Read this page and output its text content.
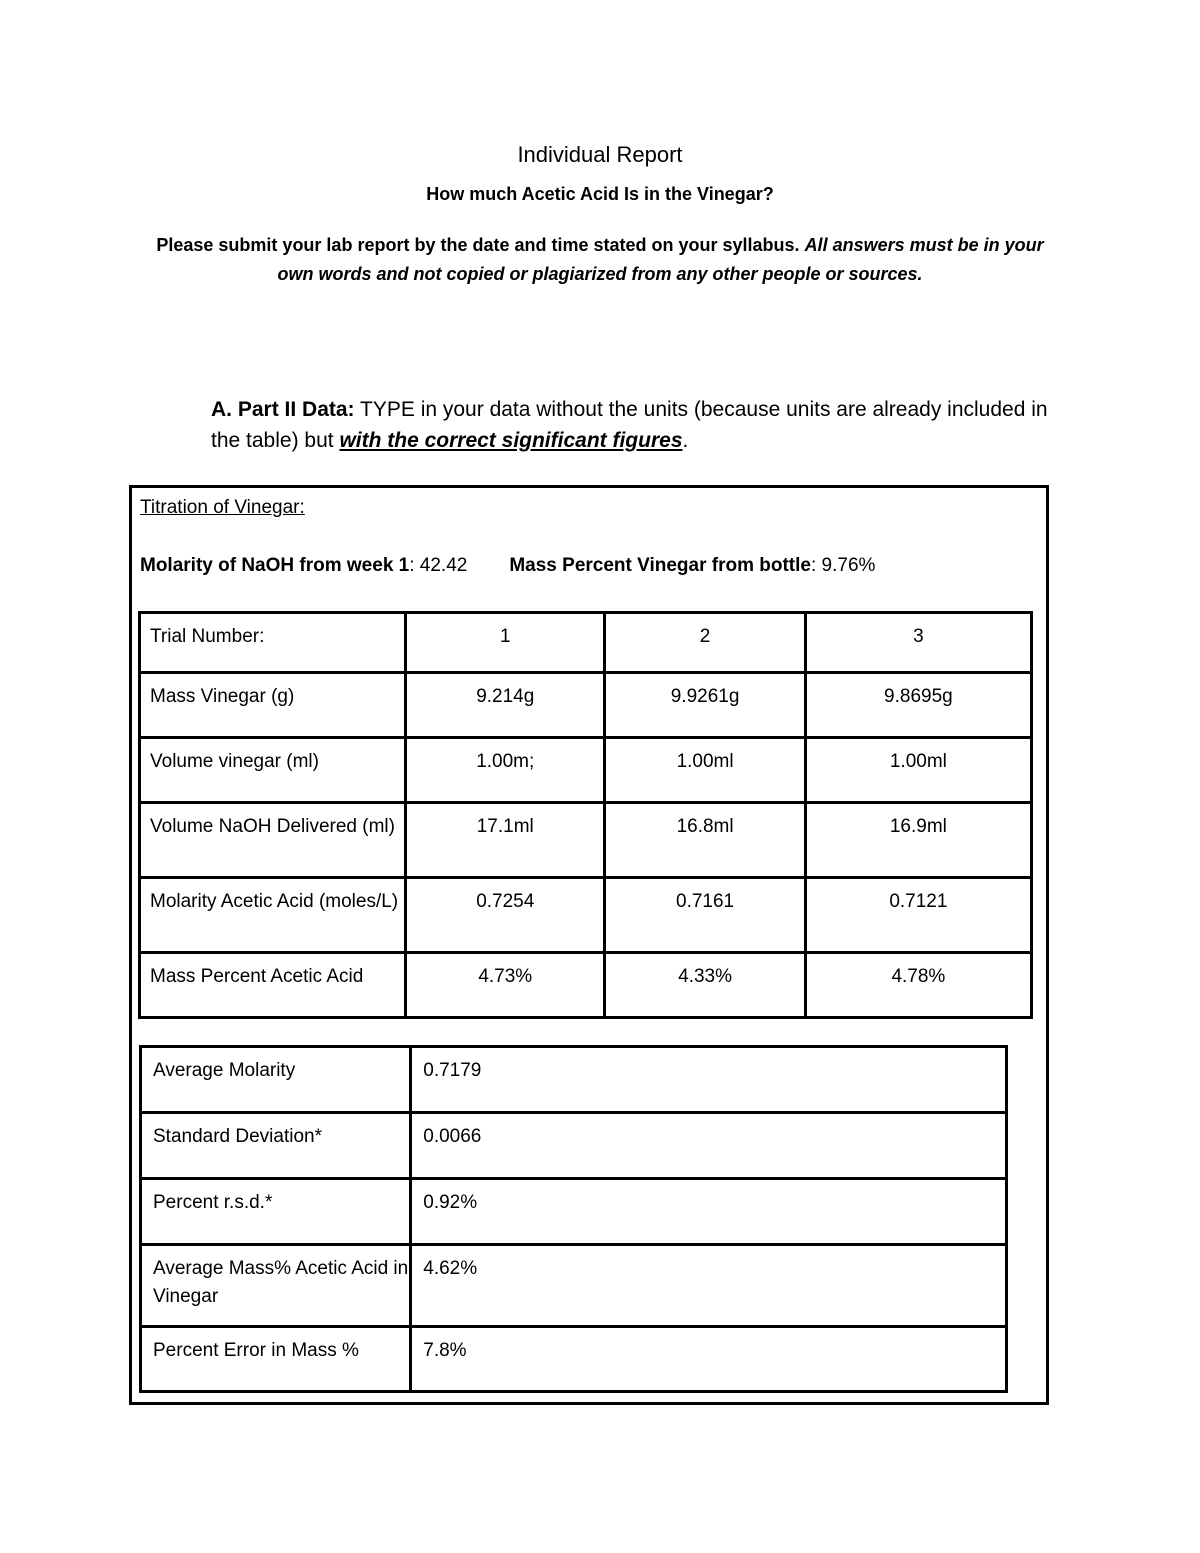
Individual Report
How much Acetic Acid Is in the Vinegar?
Please submit your lab report by the date and time stated on your syllabus. All answers must be in your own words and not copied or plagiarized from any other people or sources.
A. Part II Data: TYPE in your data without the units (because units are already included in the table) but with the correct significant figures.
Titration of Vinegar:
Molarity of NaOH from week 1: 42.42 Mass Percent Vinegar from bottle: 9.76%
Trial Number:	1	2	3
Mass Vinegar (g)	9.214g	9.9261g	9.8695g
Volume vinegar (ml)	1.00m;	1.00ml	1.00ml
Volume NaOH Delivered (ml)	17.1ml	16.8ml	16.9ml
Molarity Acetic Acid (moles/L)	0.7254	0.7161	0.7121
Mass Percent Acetic Acid	4.73%	4.33%	4.78%
Average Molarity	0.7179
Standard Deviation*	0.0066
Percent r.s.d.*	0.92%
Average Mass% Acetic Acid in Vinegar	4.62%
Percent Error in Mass %	7.8%
